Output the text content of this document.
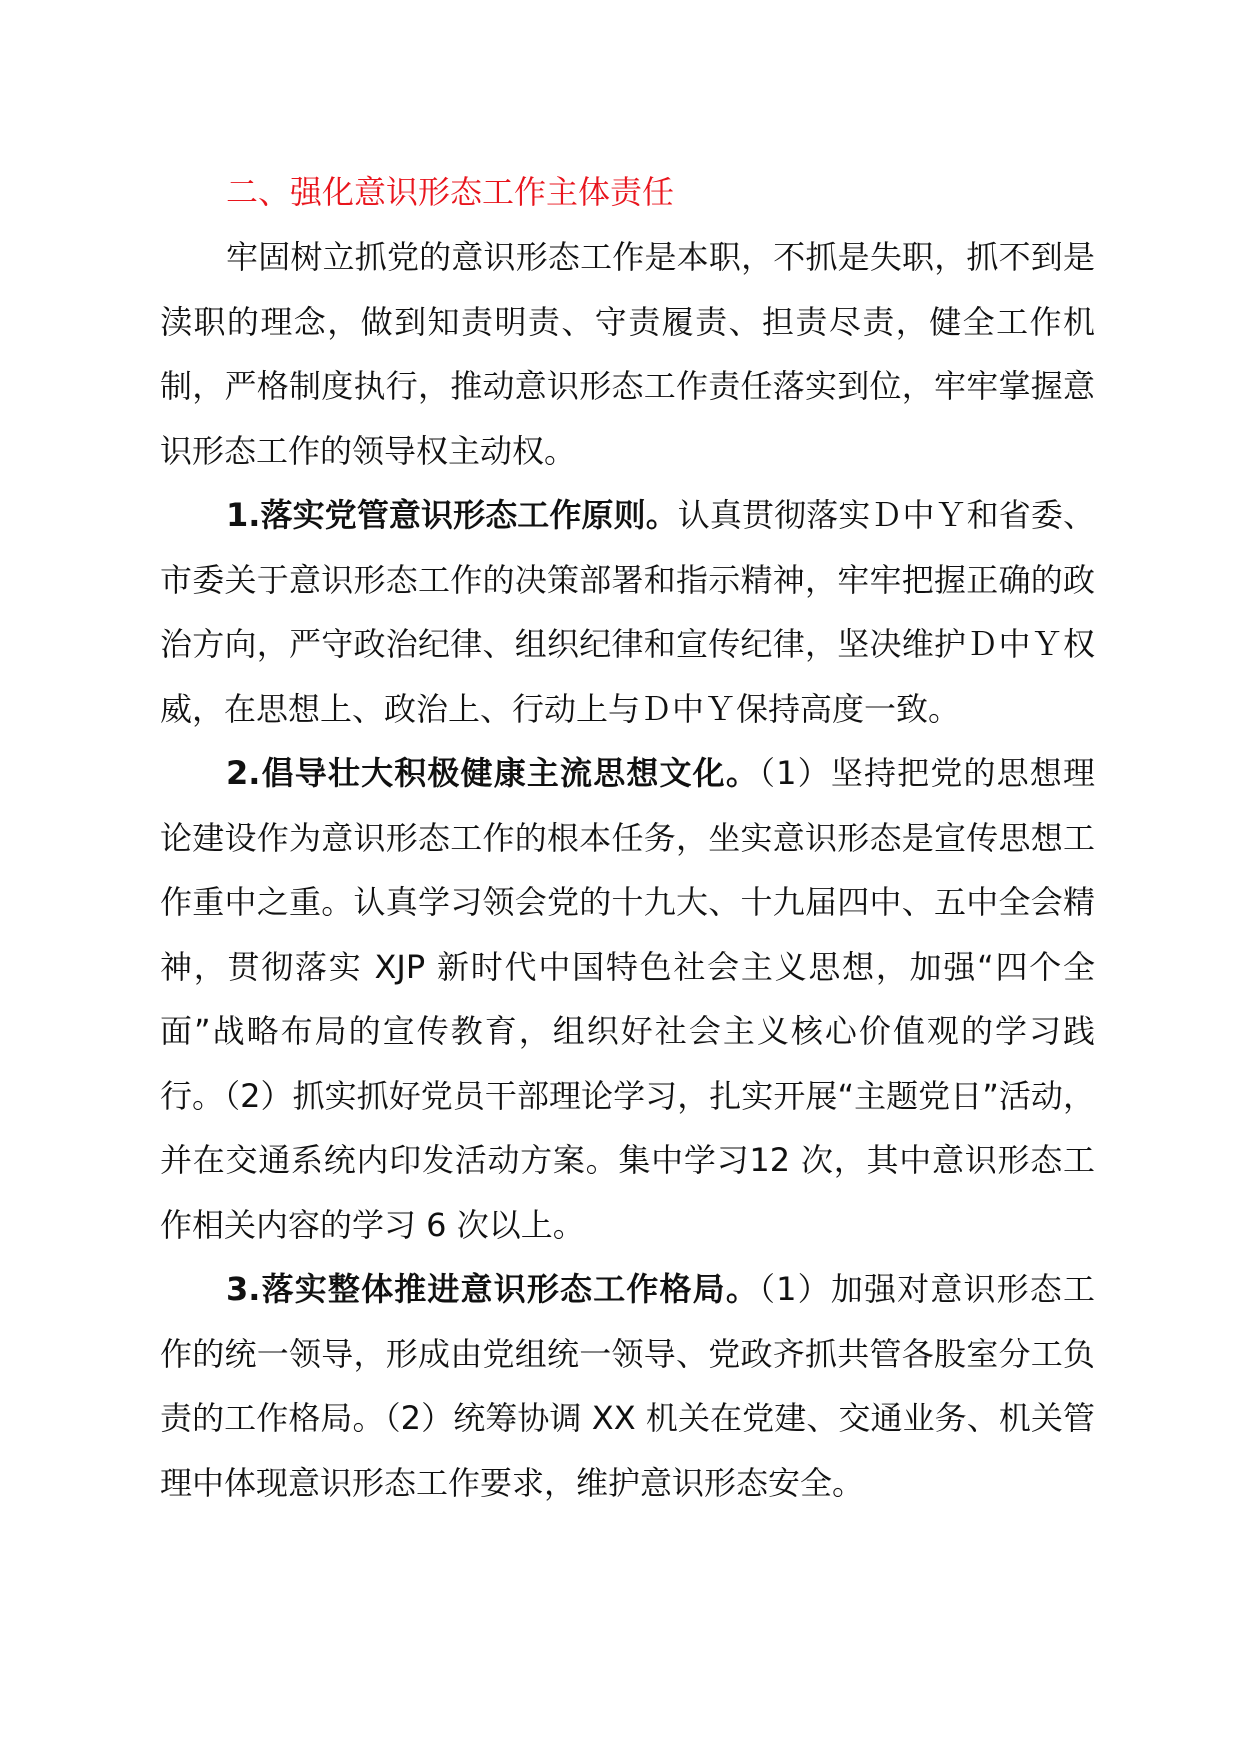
二、强化意识形态工作主体责任

牢固树立抓党的意识形态工作是本职，不抓是失职，抓不到是渎职的理念，做到知责明责、守责履责、担责尽责，健全工作机制，严格制度执行，推动意识形态工作责任落实到位，牢牢掌握意识形态工作的领导权主动权。

1.落实党管意识形态工作原则。认真贯彻落实Ｄ中Ｙ和省委、市委关于意识形态工作的决策部署和指示精神，牢牢把握正确的政治方向，严守政治纪律、组织纪律和宣传纪律，坚决维护Ｄ中Ｙ权威，在思想上、政治上、行动上与Ｄ中Ｙ保持高度一致。

2.倡导壮大积极健康主流思想文化。（1）坚持把党的思想理论建设作为意识形态工作的根本任务，坐实意识形态是宣传思想工作重中之重。认真学习领会党的十九大、十九届四中、五中全会精神，贯彻落实 XJP 新时代中国特色社会主义思想，加强“四个全面”战略布局的宣传教育，组织好社会主义核心价值观的学习践行。（2）抓实抓好党员干部理论学习，扎实开展“主题党日”活动，并在交通系统内印发活动方案。集中学习12 次，其中意识形态工作相关内容的学习 6 次以上。

3.落实整体推进意识形态工作格局。（1）加强对意识形态工作的统一领导，形成由党组统一领导、党政齐抓共管各股室分工负责的工作格局。（2）统筹协调 XX 机关在党建、交通业务、机关管理中体现意识形态工作要求，维护意识形态安全。
